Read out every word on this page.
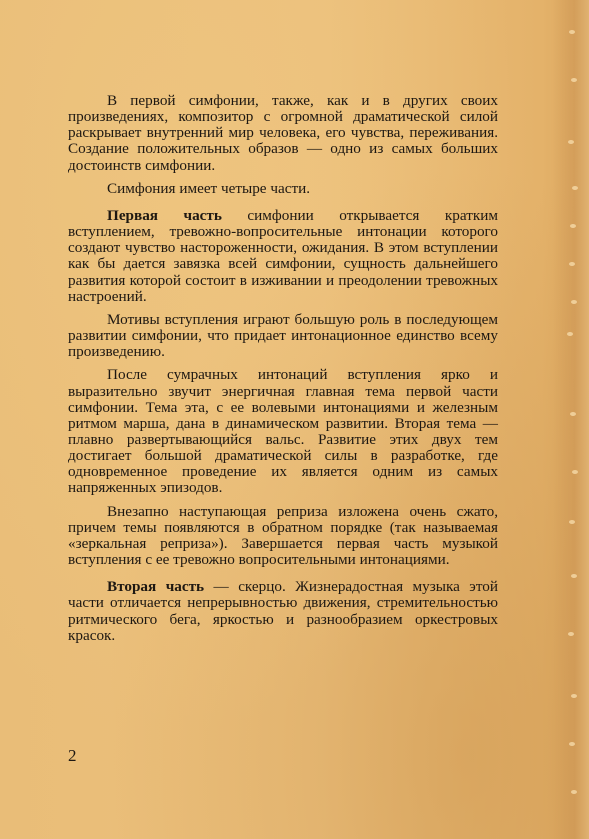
В первой симфонии, также, как и в других своих произведениях, композитор с огромной драматической силой раскрывает внутренний мир человека, его чувства, переживания. Создание положительных образов — одно из самых больших достоинств симфонии.

Симфония имеет четыре части.

Первая часть симфонии открывается кратким вступлением, тревожно-вопросительные интонации которого создают чувство настороженности, ожидания. В этом вступлении как бы дается завязка всей симфонии, сущность дальнейшего развития которой состоит в изживании и преодолении тревожных настроений.

Мотивы вступления играют большую роль в последующем развитии симфонии, что придает интонационное единство всему произведению.

После сумрачных интонаций вступления ярко и выразительно звучит энергичная главная тема первой части симфонии. Тема эта, с ее волевыми интонациями и железным ритмом марша, дана в динамическом развитии. Вторая тема — плавно развертывающийся вальс. Развитие этих двух тем достигает большой драматической силы в разработке, где одновременное проведение их является одним из самых напряженных эпизодов.

Внезапно наступающая реприза изложена очень сжато, причем темы появляются в обратном порядке (так называемая «зеркальная реприза»). Завершается первая часть музыкой вступления с ее тревожно вопросительными интонациями.

Вторая часть — скерцо. Жизнерадостная музыка этой части отличается непрерывностью движения, стремительностью ритмического бега, яркостью и разнообразием оркестровых красок.

2
